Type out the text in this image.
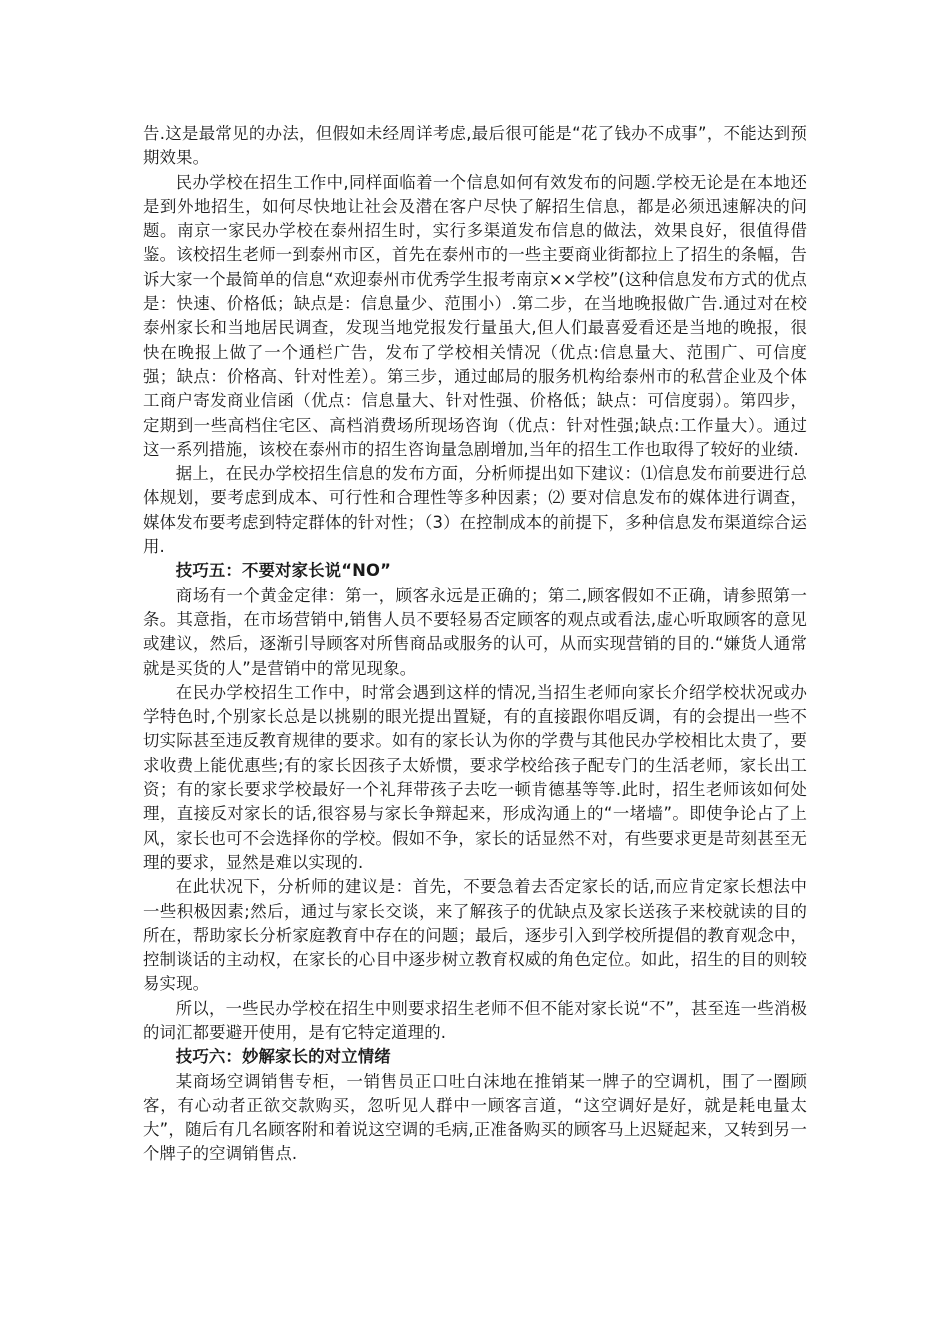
告.这是最常见的办法，但假如未经周详考虑,最后很可能是“花了钱办不成事”，不能达到预期效果。

民办学校在招生工作中,同样面临着一个信息如何有效发布的问题.学校无论是在本地还是到外地招生，如何尽快地让社会及潜在客户尽快了解招生信息，都是必须迅速解决的问题。南京一家民办学校在泰州招生时，实行多渠道发布信息的做法，效果良好，很值得借鉴。该校招生老师一到泰州市区，首先在泰州市的一些主要商业街都拉上了招生的条幅，告诉大家一个最简单的信息“欢迎泰州市优秀学生报考南京××学校”(这种信息发布方式的优点是：快速、价格低；缺点是：信息量少、范围小）.第二步，在当地晚报做广告.通过对在校泰州家长和当地居民调查，发现当地党报发行量虽大,但人们最喜爱看还是当地的晚报，很快在晚报上做了一个通栏广告，发布了学校相关情况（优点:信息量大、范围广、可信度强；缺点：价格高、针对性差）。第三步，通过邮局的服务机构给泰州市的私营企业及个体工商户寄发商业信函（优点：信息量大、针对性强、价格低；缺点：可信度弱）。第四步，定期到一些高档住宅区、高档消费场所现场咨询（优点：针对性强;缺点:工作量大）。通过这一系列措施，该校在泰州市的招生咨询量急剧增加,当年的招生工作也取得了较好的业绩.

据上，在民办学校招生信息的发布方面，分析师提出如下建议：⑴信息发布前要进行总体规划，要考虑到成本、可行性和合理性等多种因素；⑵ 要对信息发布的媒体进行调查，媒体发布要考虑到特定群体的针对性；（3）在控制成本的前提下，多种信息发布渠道综合运用.

技巧五：不要对家长说“NO”

商场有一个黄金定律：第一，顾客永远是正确的；第二,顾客假如不正确，请参照第一条。其意指，在市场营销中,销售人员不要轻易否定顾客的观点或看法,虚心听取顾客的意见或建议，然后，逐渐引导顾客对所售商品或服务的认可，从而实现营销的目的.“嫌货人通常就是买货的人”是营销中的常见现象。

在民办学校招生工作中，时常会遇到这样的情况,当招生老师向家长介绍学校状况或办学特色时,个别家长总是以挑剔的眼光提出置疑，有的直接跟你唱反调，有的会提出一些不切实际甚至违反教育规律的要求。如有的家长认为你的学费与其他民办学校相比太贵了，要求收费上能优惠些;有的家长因孩子太娇惯，要求学校给孩子配专门的生活老师，家长出工资；有的家长要求学校最好一个礼拜带孩子去吃一顿肯德基等等.此时，招生老师该如何处理，直接反对家长的话,很容易与家长争辩起来，形成沟通上的“一堵墙”。即使争论占了上风，家长也可不会选择你的学校。假如不争，家长的话显然不对，有些要求更是苛刻甚至无理的要求，显然是难以实现的.

在此状况下，分析师的建议是：首先，不要急着去否定家长的话,而应肯定家长想法中一些积极因素;然后，通过与家长交谈，来了解孩子的优缺点及家长送孩子来校就读的目的所在，帮助家长分析家庭教育中存在的问题；最后，逐步引入到学校所提倡的教育观念中，控制谈话的主动权，在家长的心目中逐步树立教育权威的角色定位。如此，招生的目的则较易实现。

所以，一些民办学校在招生中则要求招生老师不但不能对家长说“不”，甚至连一些消极的词汇都要避开使用，是有它特定道理的.

技巧六：妙解家长的对立情绪

某商场空调销售专柜，一销售员正口吐白沫地在推销某一牌子的空调机，围了一圈顾客，有心动者正欲交款购买，忽听见人群中一顾客言道，“这空调好是好，就是耗电量太大”，随后有几名顾客附和着说这空调的毛病,正准备购买的顾客马上迟疑起来，又转到另一个牌子的空调销售点.
